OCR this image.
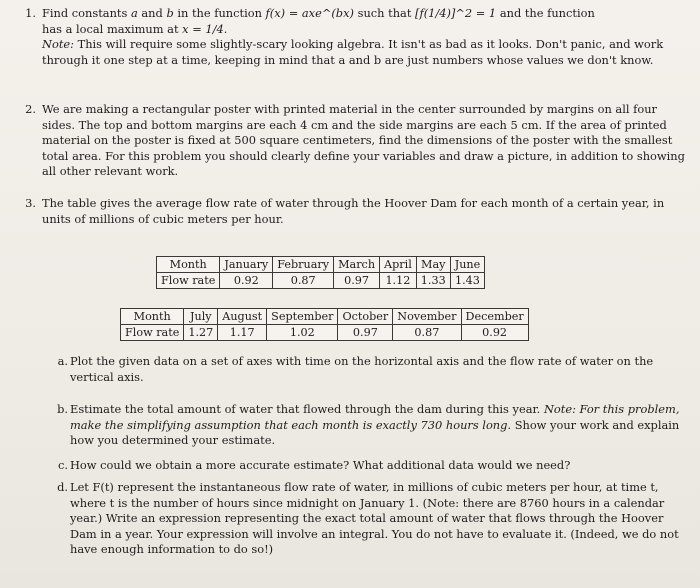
1. Find constants a and b in the function f(x) = axe^(bx) such that [f(1/4)]^2 = 1 and the function
has a local maximum at x = 1/4.
Note: This will require some slightly-scary looking algebra. It isn't as bad as it looks. Don't panic, and work through it one step at a time, keeping in mind that a and b are just numbers whose values we don't know.
2. We are making a rectangular poster with printed material in the center surrounded by margins on all four sides. The top and bottom margins are each 4 cm and the side margins are each 5 cm. If the area of printed material on the poster is fixed at 500 square centimeters, find the dimensions of the poster with the smallest total area. For this problem you should clearly define your variables and draw a picture, in addition to showing all other relevant work.
3. The table gives the average flow rate of water through the Hoover Dam for each month of a certain year, in units of millions of cubic meters per hour.
Month	January	February	March	April	May	June
Flow rate	0.92	0.87	0.97	1.12	1.33	1.43
Month	July	August	September	October	November	December
Flow rate	1.27	1.17	1.02	0.97	0.87	0.92
a. Plot the given data on a set of axes with time on the horizontal axis and the flow rate of water on the vertical axis.
b. Estimate the total amount of water that flowed through the dam during this year. Note: For this problem, make the simplifying assumption that each month is exactly 730 hours long. Show your work and explain how you determined your estimate.
c. How could we obtain a more accurate estimate? What additional data would we need?
d. Let F(t) represent the instantaneous flow rate of water, in millions of cubic meters per hour, at time t, where t is the number of hours since midnight on January 1. (Note: there are 8760 hours in a calendar year.) Write an expression representing the exact total amount of water that flows through the Hoover Dam in a year. Your expression will involve an integral. You do not have to evaluate it. (Indeed, we do not have enough information to do so!)
